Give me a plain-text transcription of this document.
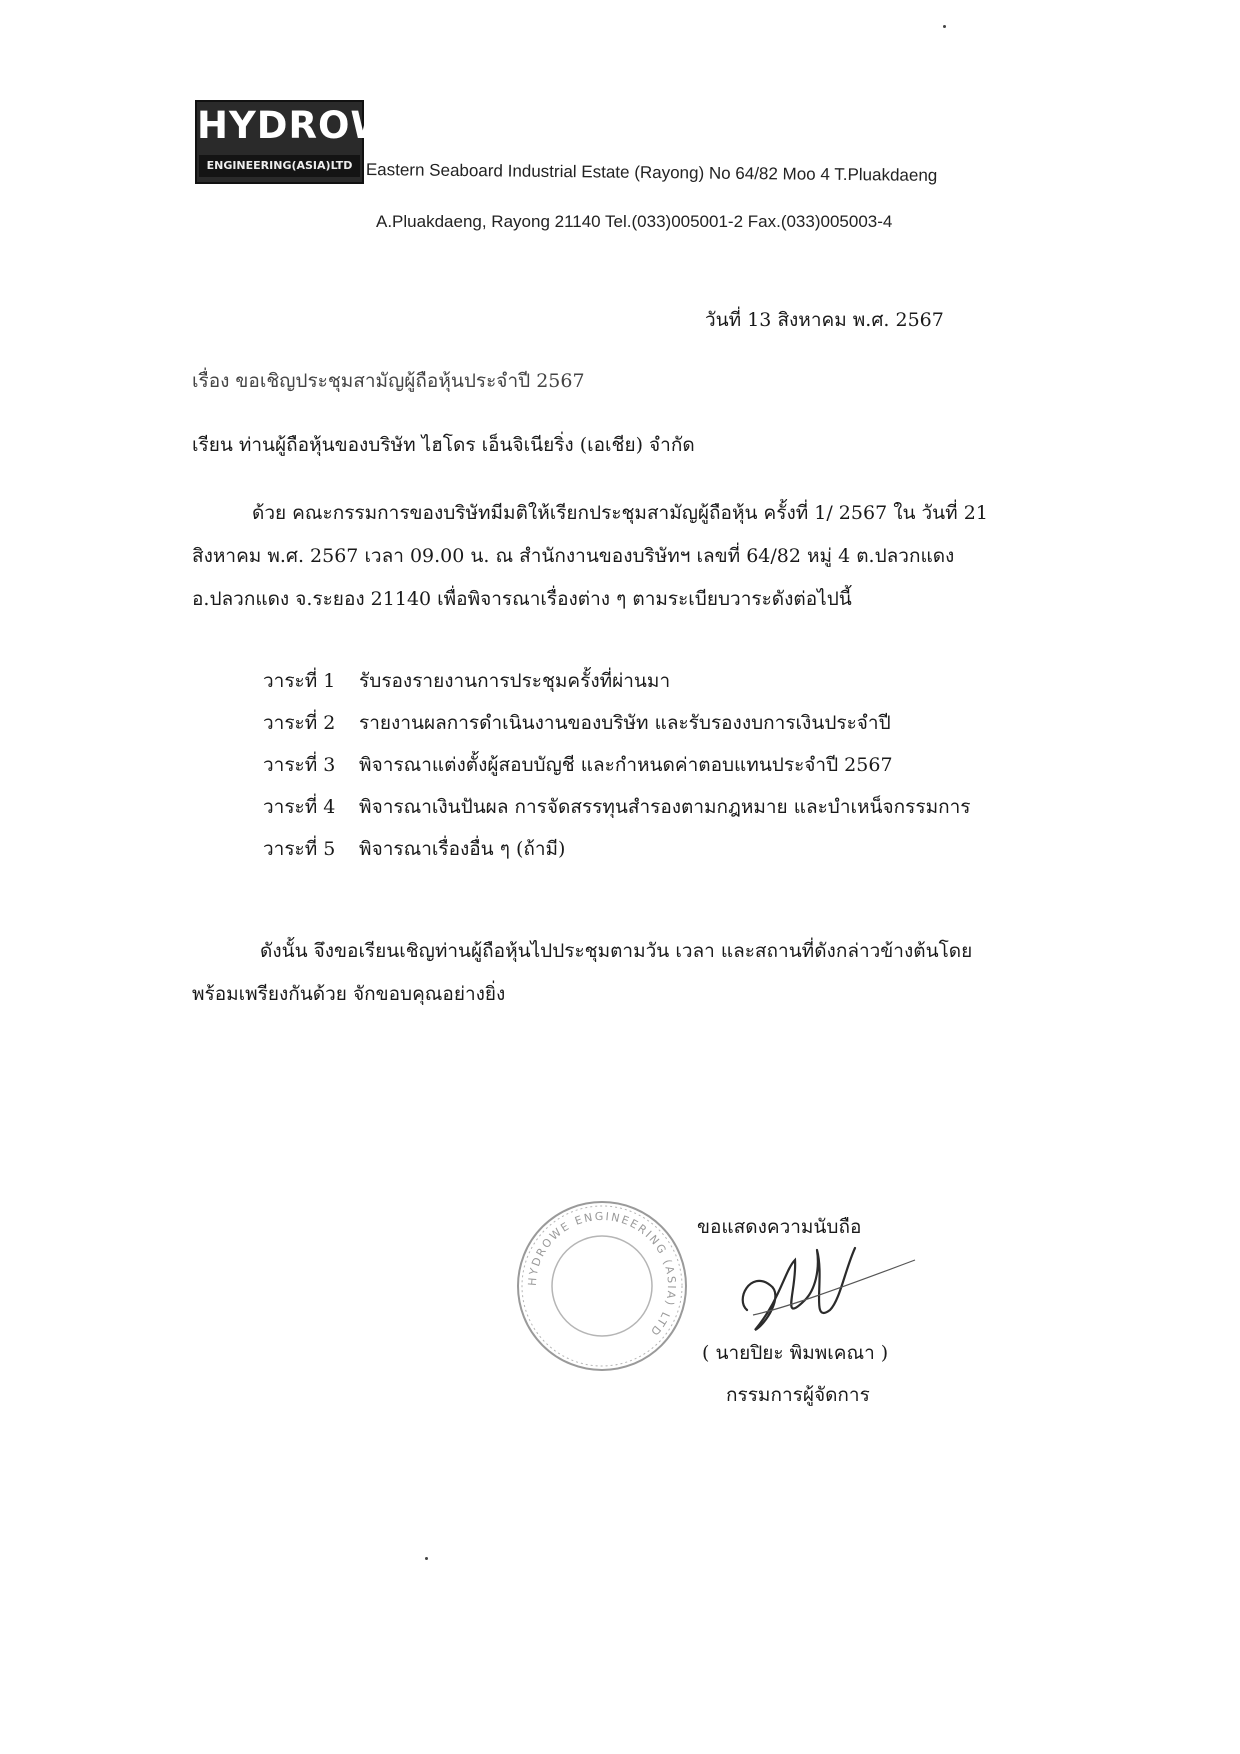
HYDROWE
ENGINEERING(ASIA)LTD Eastern Seaboard Industrial Estate (Rayong) No 64/82 Moo 4 T.Pluakdaeng
A.Pluakdaeng, Rayong 21140 Tel.(033)005001-2 Fax.(033)005003-4
วันที่ 13 สิงหาคม พ.ศ. 2567
เรื่อง ขอเชิญประชุมสามัญผู้ถือหุ้นประจำปี 2567
เรียน ท่านผู้ถือหุ้นของบริษัท ไฮโดร เอ็นจิเนียริ่ง (เอเชีย) จำกัด
ด้วย คณะกรรมการของบริษัทมีมติให้เรียกประชุมสามัญผู้ถือหุ้น ครั้งที่ 1/ 2567 ใน วันที่ 21 สิงหาคม พ.ศ. 2567 เวลา 09.00 น. ณ สำนักงานของบริษัทฯ เลขที่ 64/82 หมู่ 4 ต.ปลวกแดง อ.ปลวกแดง จ.ระยอง 21140 เพื่อพิจารณาเรื่องต่าง ๆ ตามระเบียบวาระดังต่อไปนี้
วาระที่ 1 รับรองรายงานการประชุมครั้งที่ผ่านมา
วาระที่ 2 รายงานผลการดำเนินงานของบริษัท และรับรองงบการเงินประจำปี
วาระที่ 3 พิจารณาแต่งตั้งผู้สอบบัญชี และกำหนดค่าตอบแทนประจำปี 2567
วาระที่ 4 พิจารณาเงินปันผล การจัดสรรทุนสำรองตามกฎหมาย และบำเหน็จกรรมการ
วาระที่ 5 พิจารณาเรื่องอื่น ๆ (ถ้ามี)
ดังนั้น จึงขอเรียนเชิญท่านผู้ถือหุ้นไปประชุมตามวัน เวลา และสถานที่ดังกล่าวข้างต้นโดยพร้อมเพรียงกันด้วย จักขอบคุณอย่างยิ่ง
HYDROWE ENGINEERING (ASIA) LTD
ขอแสดงความนับถือ
( นายปิยะ พิมพเคณา )
กรรมการผู้จัดการ
